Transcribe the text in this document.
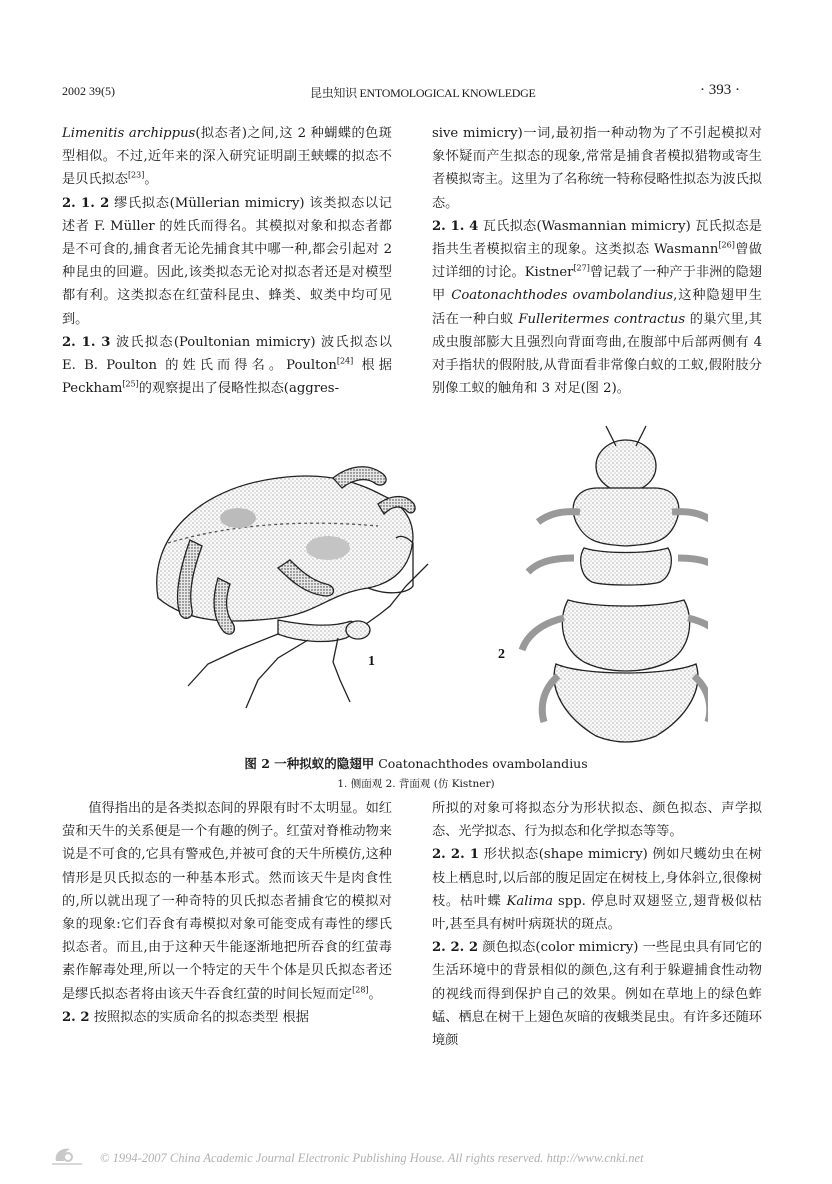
2002 39(5)	昆虫知识 ENTOMOLOGICAL KNOWLEDGE	· 393 ·

Limenitis archippus(拟态者)之间,这 2 种蝴蝶的色斑型相似。不过,近年来的深入研究证明副王蛱蝶的拟态不是贝氏拟态[23]。

2. 1. 2 缪氏拟态(Müllerian mimicry) 该类拟态以记述者 F. Müller 的姓氏而得名。其模拟对象和拟态者都是不可食的,捕食者无论先捕食其中哪一种,都会引起对 2 种昆虫的回避。因此,该类拟态无论对拟态者还是对模型都有利。这类拟态在红萤科昆虫、蜂类、蚁类中均可见到。

2. 1. 3 波氏拟态(Poultonian mimicry) 波氏拟态以 E. B. Poulton 的姓氏而得名。Poulton[24] 根据 Peckham[25]的观察提出了侵略性拟态(aggres-

sive mimicry)一词,最初指一种动物为了不引起模拟对象怀疑而产生拟态的现象,常常是捕食者模拟猎物或寄生者模拟寄主。这里为了名称统一特称侵略性拟态为波氏拟态。

2. 1. 4 瓦氏拟态(Wasmannian mimicry) 瓦氏拟态是指共生者模拟宿主的现象。这类拟态 Wasmann[26]曾做过详细的讨论。Kistner[27]曾记载了一种产于非洲的隐翅甲 Coatonachthodes ovambolandius,这种隐翅甲生活在一种白蚁 Fulleritermes contractus 的巢穴里,其成虫腹部膨大且强烈向背面弯曲,在腹部中后部两侧有 4 对手指状的假附肢,从背面看非常像白蚁的工蚁,假附肢分别像工蚁的触角和 3 对足(图 2)。

1	2
图 2 一种拟蚁的隐翅甲 Coatonachthodes ovambolandius
1. 侧面观 2. 背面观 (仿 Kistner)

值得指出的是各类拟态间的界限有时不太明显。如红萤和天牛的关系便是一个有趣的例子。红萤对脊椎动物来说是不可食的,它具有警戒色,并被可食的天牛所模仿,这种情形是贝氏拟态的一种基本形式。然而该天牛是肉食性的,所以就出现了一种奇特的贝氏拟态者捕食它的模拟对象的现象:它们吞食有毒模拟对象可能变成有毒性的缪氏拟态者。而且,由于这种天牛能逐渐地把所吞食的红萤毒素作解毒处理,所以一个特定的天牛个体是贝氏拟态者还是缪氏拟态者将由该天牛吞食红萤的时间长短而定[28]。

2. 2 按照拟态的实质命名的拟态类型 根据

所拟的对象可将拟态分为形状拟态、颜色拟态、声学拟态、光学拟态、行为拟态和化学拟态等等。

2. 2. 1 形状拟态(shape mimicry) 例如尺蠖幼虫在树枝上栖息时,以后部的腹足固定在树枝上,身体斜立,很像树枝。枯叶蝶 Kalima spp. 停息时双翅竖立,翅背极似枯叶,甚至具有树叶病斑状的斑点。

2. 2. 2 颜色拟态(color mimicry) 一些昆虫具有同它的生活环境中的背景相似的颜色,这有利于躲避捕食性动物的视线而得到保护自己的效果。例如在草地上的绿色蚱蜢、栖息在树干上翅色灰暗的夜蛾类昆虫。有许多还随环境颜

© 1994-2007 China Academic Journal Electronic Publishing House. All rights reserved. http://www.cnki.net
